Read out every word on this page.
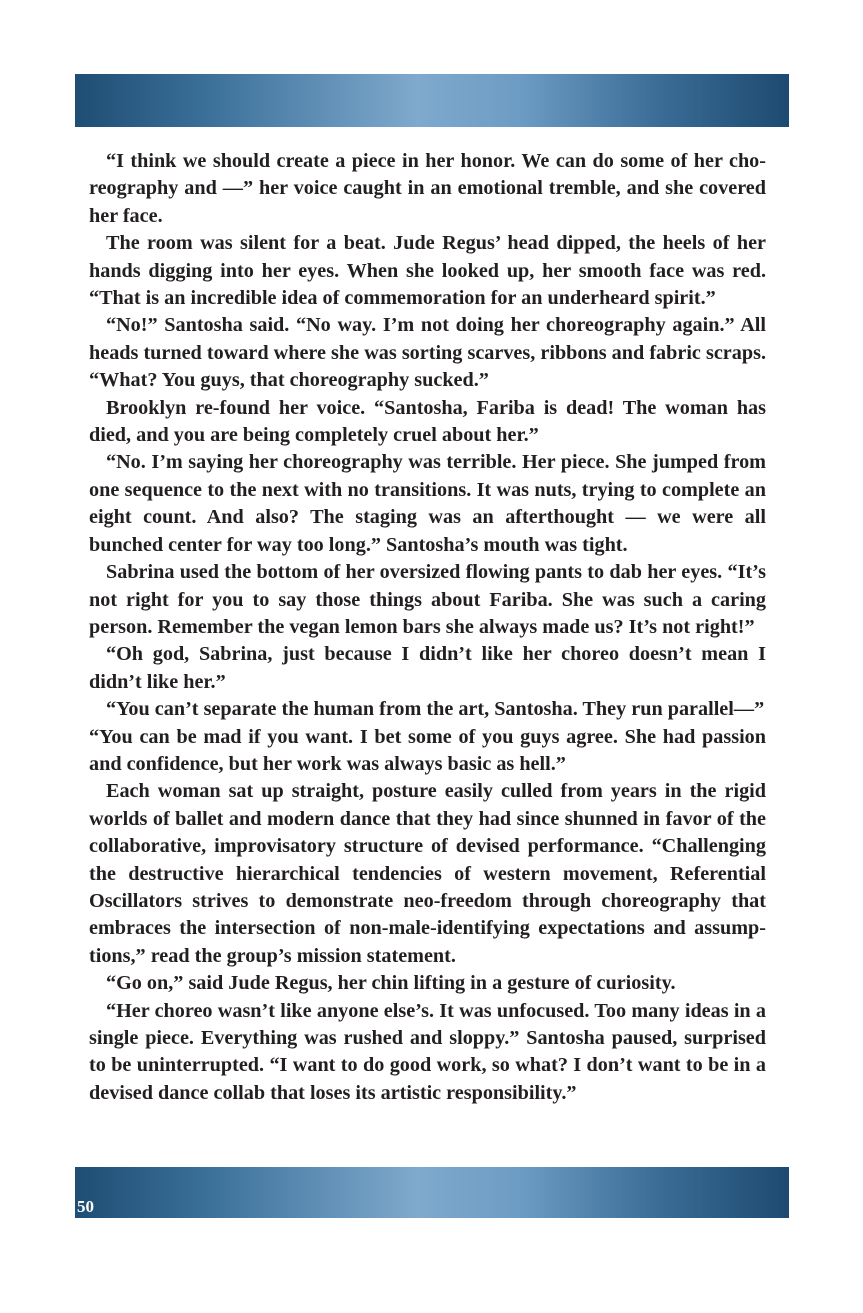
“I think we should create a piece in her honor. We can do some of her choreography and —” her voice caught in an emotional tremble, and she covered her face.

The room was silent for a beat. Jude Regus’ head dipped, the heels of her hands digging into her eyes. When she looked up, her smooth face was red. “That is an incredible idea of commemoration for an underheard spirit.”

“No!” Santosha said. “No way. I’m not doing her choreography again.” All heads turned toward where she was sorting scarves, ribbons and fabric scraps. “What? You guys, that choreography sucked.”

Brooklyn re-found her voice. “Santosha, Fariba is dead! The woman has died, and you are being completely cruel about her.”

“No. I’m saying her choreography was terrible. Her piece. She jumped from one sequence to the next with no transitions. It was nuts, trying to complete an eight count. And also? The staging was an afterthought — we were all bunched center for way too long.” Santosha’s mouth was tight.

Sabrina used the bottom of her oversized flowing pants to dab her eyes. “It’s not right for you to say those things about Fariba. She was such a caring person. Remember the vegan lemon bars she always made us? It’s not right!”

“Oh god, Sabrina, just because I didn’t like her choreo doesn’t mean I didn’t like her.”

“You can’t separate the human from the art, Santosha. They run parallel—”

“You can be mad if you want. I bet some of you guys agree. She had passion and confidence, but her work was always basic as hell.”

Each woman sat up straight, posture easily culled from years in the rigid worlds of ballet and modern dance that they had since shunned in favor of the collaborative, improvisatory structure of devised performance. “Challenging the destructive hierarchical tendencies of western movement, Referential Oscillators strives to demonstrate neo-freedom through choreography that embraces the intersection of non-male-identifying expectations and assumptions,” read the group’s mission statement.

“Go on,” said Jude Regus, her chin lifting in a gesture of curiosity.

“Her choreo wasn’t like anyone else’s. It was unfocused. Too many ideas in a single piece. Everything was rushed and sloppy.” Santosha paused, surprised to be uninterrupted. “I want to do good work, so what? I don’t want to be in a devised dance collab that loses its artistic responsibility.”

50
